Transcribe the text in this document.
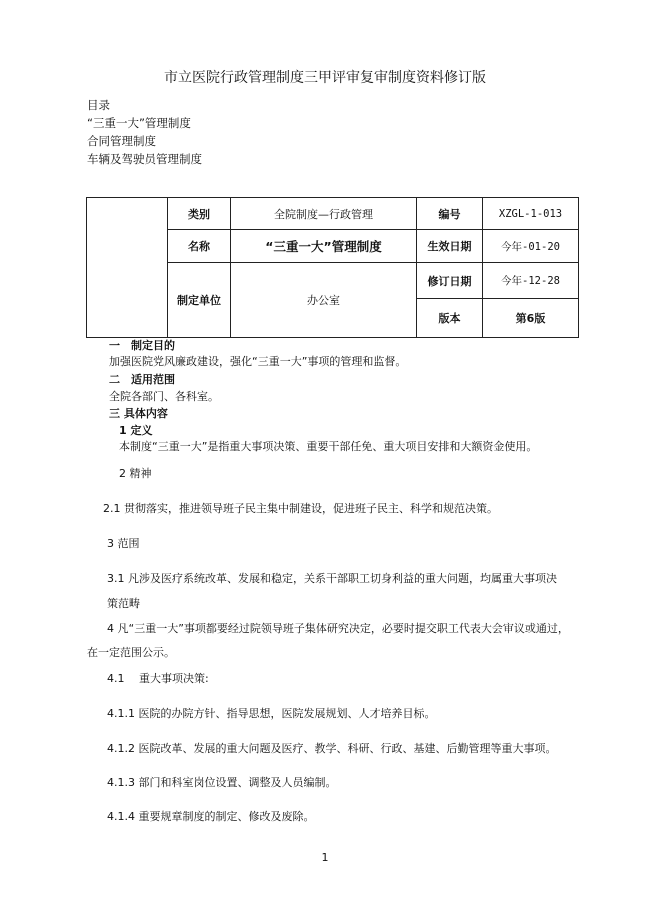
市立医院行政管理制度三甲评审复审制度资料修订版
目录
“三重一大”管理制度
合同管理制度
车辆及驾驶员管理制度
	类别	全院制度—行政管理	编号	XZGL-1-013
	名称	“三重一大”管理制度	生效日期	今年-01-20
	制定单位	办公室	修订日期	今年-12-28
			版本	第6版
一　制定目的
加强医院党风廉政建设，强化“三重一大”事项的管理和监督。
二　适用范围
全院各部门、各科室。
三 具体内容
1 定义
本制度“三重一大”是指重大事项决策、重要干部任免、重大项目安排和大额资金使用。
2 精神
2.1 贯彻落实，推进领导班子民主集中制建设，促进班子民主、科学和规范决策。
3 范围
3.1 凡涉及医疗系统改革、发展和稳定，关系干部职工切身利益的重大问题，均属重大事项决
策范畴
4 凡“三重一大”事项都要经过院领导班子集体研究决定，必要时提交职工代表大会审议或通过，
在一定范围公示。
4.1　 重大事项决策:
4.1.1 医院的办院方针、指导思想，医院发展规划、人才培养目标。
4.1.2 医院改革、发展的重大问题及医疗、教学、科研、行政、基建、后勤管理等重大事项。
4.1.3 部门和科室岗位设置、调整及人员编制。
4.1.4 重要规章制度的制定、修改及废除。
1
